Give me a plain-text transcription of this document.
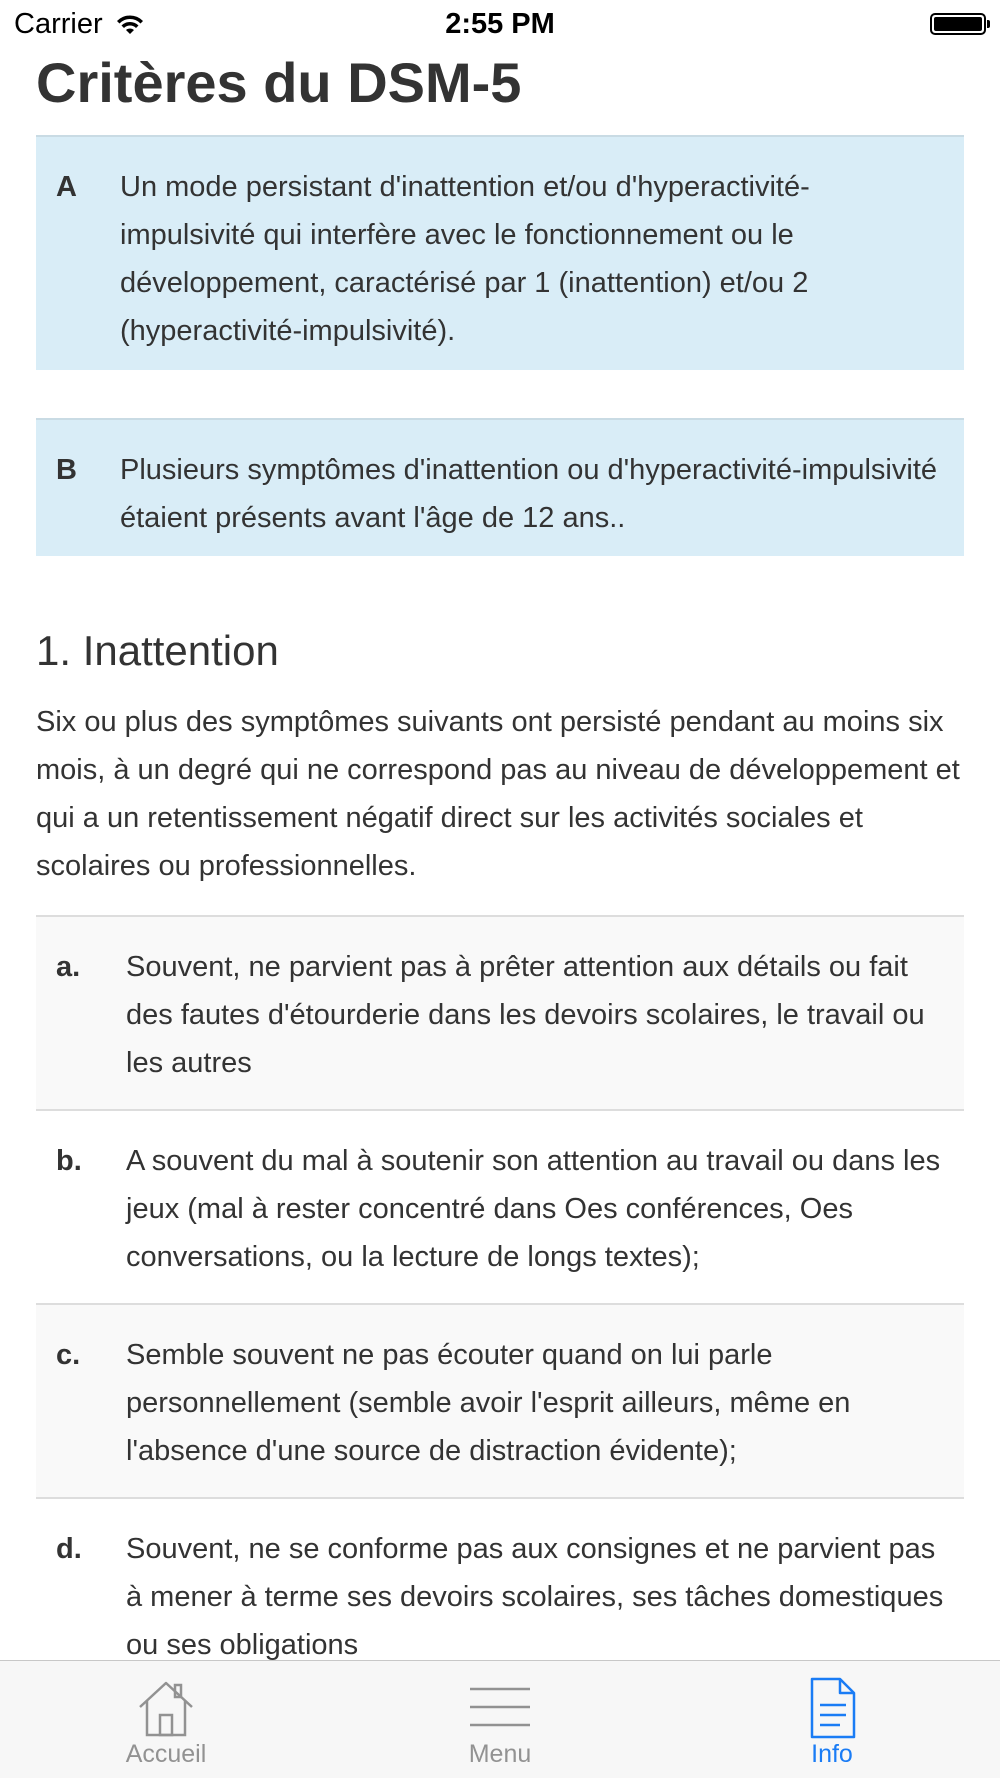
Critères du DSM-5
A	Un mode persistant d'inattention et/ou d'hyperactivité-impulsivité qui interfère avec le fonctionnement ou le développement, caractérisé par 1 (inattention) et/ou 2 (hyperactivité-impulsivité).
B	Plusieurs symptômes d'inattention ou d'hyperactivité-impulsivité étaient présents avant l'âge de 12 ans..
1. Inattention
Six ou plus des symptômes suivants ont persisté pendant au moins six mois, à un degré qui ne correspond pas au niveau de développement et qui a un retentissement négatif direct sur les activités sociales et scolaires ou professionnelles.
a.	Souvent, ne parvient pas à prêter attention aux détails ou fait des fautes d'étourderie dans les devoirs scolaires, le travail ou les autres
b.	A souvent du mal à soutenir son attention au travail ou dans les jeux (mal à rester concentré dans Oes conférences, Oes conversations, ou la lecture de longs textes);
c.	Semble souvent ne pas écouter quand on lui parle personnellement (semble avoir l'esprit ailleurs, même en l'absence d'une source de distraction évidente);
d.	Souvent, ne se conforme pas aux consignes et ne parvient pas à mener à terme ses devoirs scolaires, ses tâches domestiques ou ses obligations
Carrier	2:55 PM
Accueil	Menu	Info
